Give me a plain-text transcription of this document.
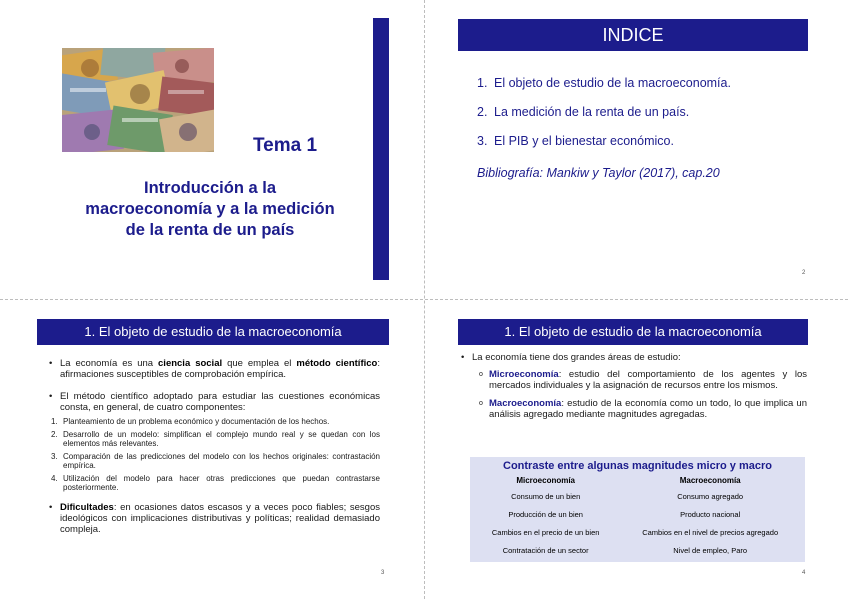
Tema 1
Introducción a la
macroeconomía y a la medición
de la renta de un país
INDICE
1. El objeto de estudio de la macroeconomía.
2. La medición de la renta de un país.
3. El PIB y el bienestar económico.
Bibliografía: Mankiw y Taylor (2017), cap.20
2
1. El objeto de estudio de la macroeconomía
• La economía es una ciencia social que emplea el método científico: afirmaciones susceptibles de comprobación empírica.
• El método científico adoptado para estudiar las cuestiones económicas consta, en general, de cuatro componentes:
1. Planteamiento de un problema económico y documentación de los hechos.
2. Desarrollo de un modelo: simplifican el complejo mundo real y se quedan con los elementos más relevantes.
3. Comparación de las predicciones del modelo con los hechos originales: contrastación empírica.
4. Utilización del modelo para hacer otras predicciones que puedan contrastarse posteriormente.
• Dificultades: en ocasiones datos escasos y a veces poco fiables; sesgos ideológicos con implicaciones distributivas y políticas; realidad demasiado compleja.
3
1. El objeto de estudio de la macroeconomía
• La economía tiene dos grandes áreas de estudio:
o Microeconomía: estudio del comportamiento de los agentes y los mercados individuales y la asignación de recursos entre los mismos.
o Macroeconomía: estudio de la economía como un todo, lo que implica un análisis agregado mediante magnitudes agregadas.
Contraste entre algunas magnitudes micro y macro
Microeconomía	Macroeconomía
Consumo de un bien	Consumo agregado
Producción de un bien	Producto nacional
Cambios en el precio de un bien	Cambios en el nivel de precios agregado
Contratación de un sector	Nivel de empleo, Paro
4
